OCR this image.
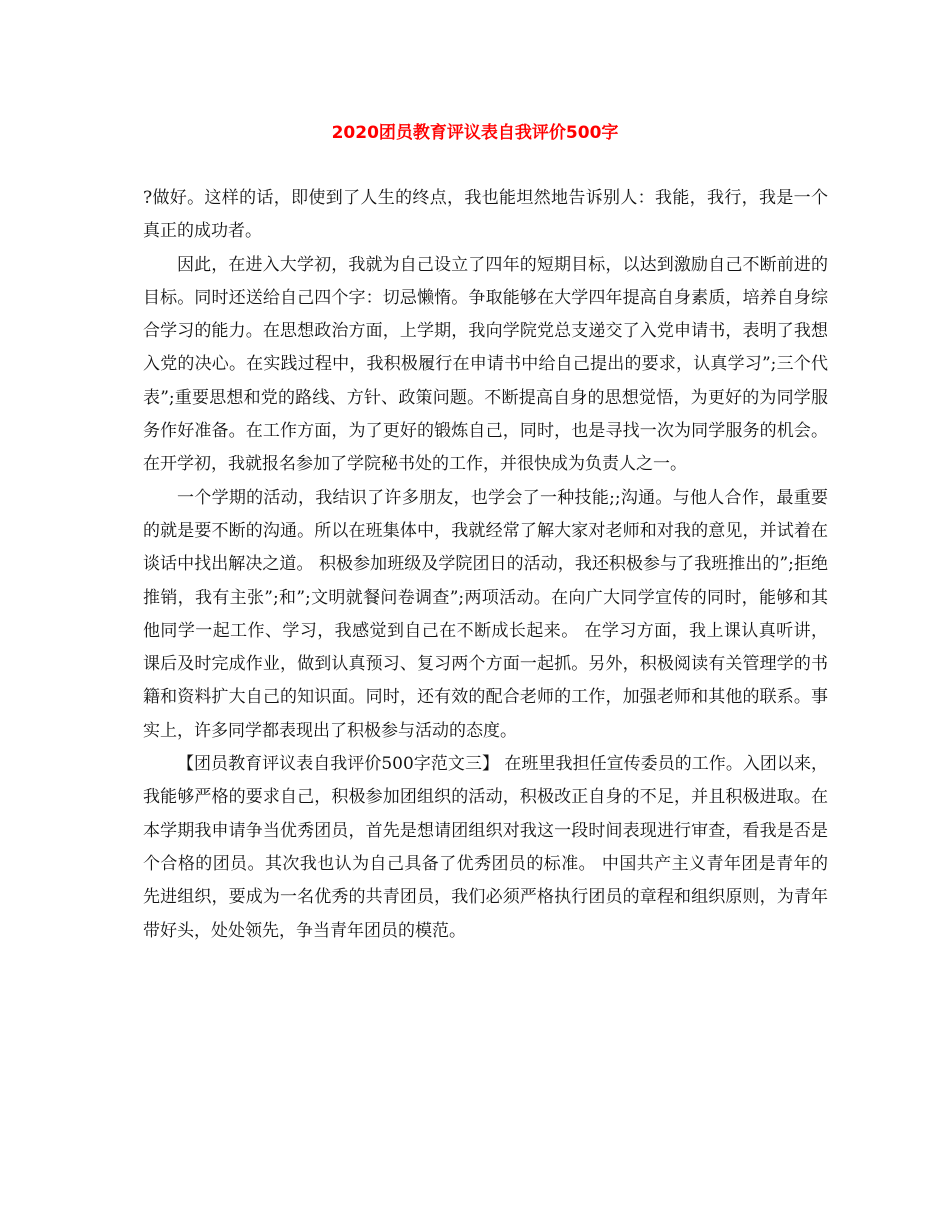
2020团员教育评议表自我评价500字

?做好。这样的话，即使到了人生的终点，我也能坦然地告诉别人：我能，我行，我是一个真正的成功者。

因此，在进入大学初，我就为自己设立了四年的短期目标，以达到激励自己不断前进的目标。同时还送给自己四个字：切忌懒惰。争取能够在大学四年提高自身素质，培养自身综合学习的能力。在思想政治方面，上学期，我向学院党总支递交了入党申请书，表明了我想入党的决心。在实践过程中，我积极履行在申请书中给自己提出的要求，认真学习”;三个代表”;重要思想和党的路线、方针、政策问题。不断提高自身的思想觉悟，为更好的为同学服务作好准备。在工作方面，为了更好的锻炼自己，同时，也是寻找一次为同学服务的机会。在开学初，我就报名参加了学院秘书处的工作，并很快成为负责人之一。

一个学期的活动，我结识了许多朋友，也学会了一种技能;;沟通。与他人合作，最重要的就是要不断的沟通。所以在班集体中，我就经常了解大家对老师和对我的意见，并试着在谈话中找出解决之道。 积极参加班级及学院团日的活动，我还积极参与了我班推出的”;拒绝推销，我有主张”;和”;文明就餐问卷调查”;两项活动。在向广大同学宣传的同时，能够和其他同学一起工作、学习，我感觉到自己在不断成长起来。 在学习方面，我上课认真听讲，课后及时完成作业，做到认真预习、复习两个方面一起抓。另外，积极阅读有关管理学的书籍和资料扩大自己的知识面。同时，还有效的配合老师的工作，加强老师和其他的联系。事实上，许多同学都表现出了积极参与活动的态度。

【团员教育评议表自我评价500字范文三】 在班里我担任宣传委员的工作。入团以来，我能够严格的要求自己，积极参加团组织的活动，积极改正自身的不足，并且积极进取。在本学期我申请争当优秀团员，首先是想请团组织对我这一段时间表现进行审查，看我是否是个合格的团员。其次我也认为自己具备了优秀团员的标准。 中国共产主义青年团是青年的先进组织，要成为一名优秀的共青团员，我们必须严格执行团员的章程和组织原则，为青年带好头，处处领先，争当青年团员的模范。
